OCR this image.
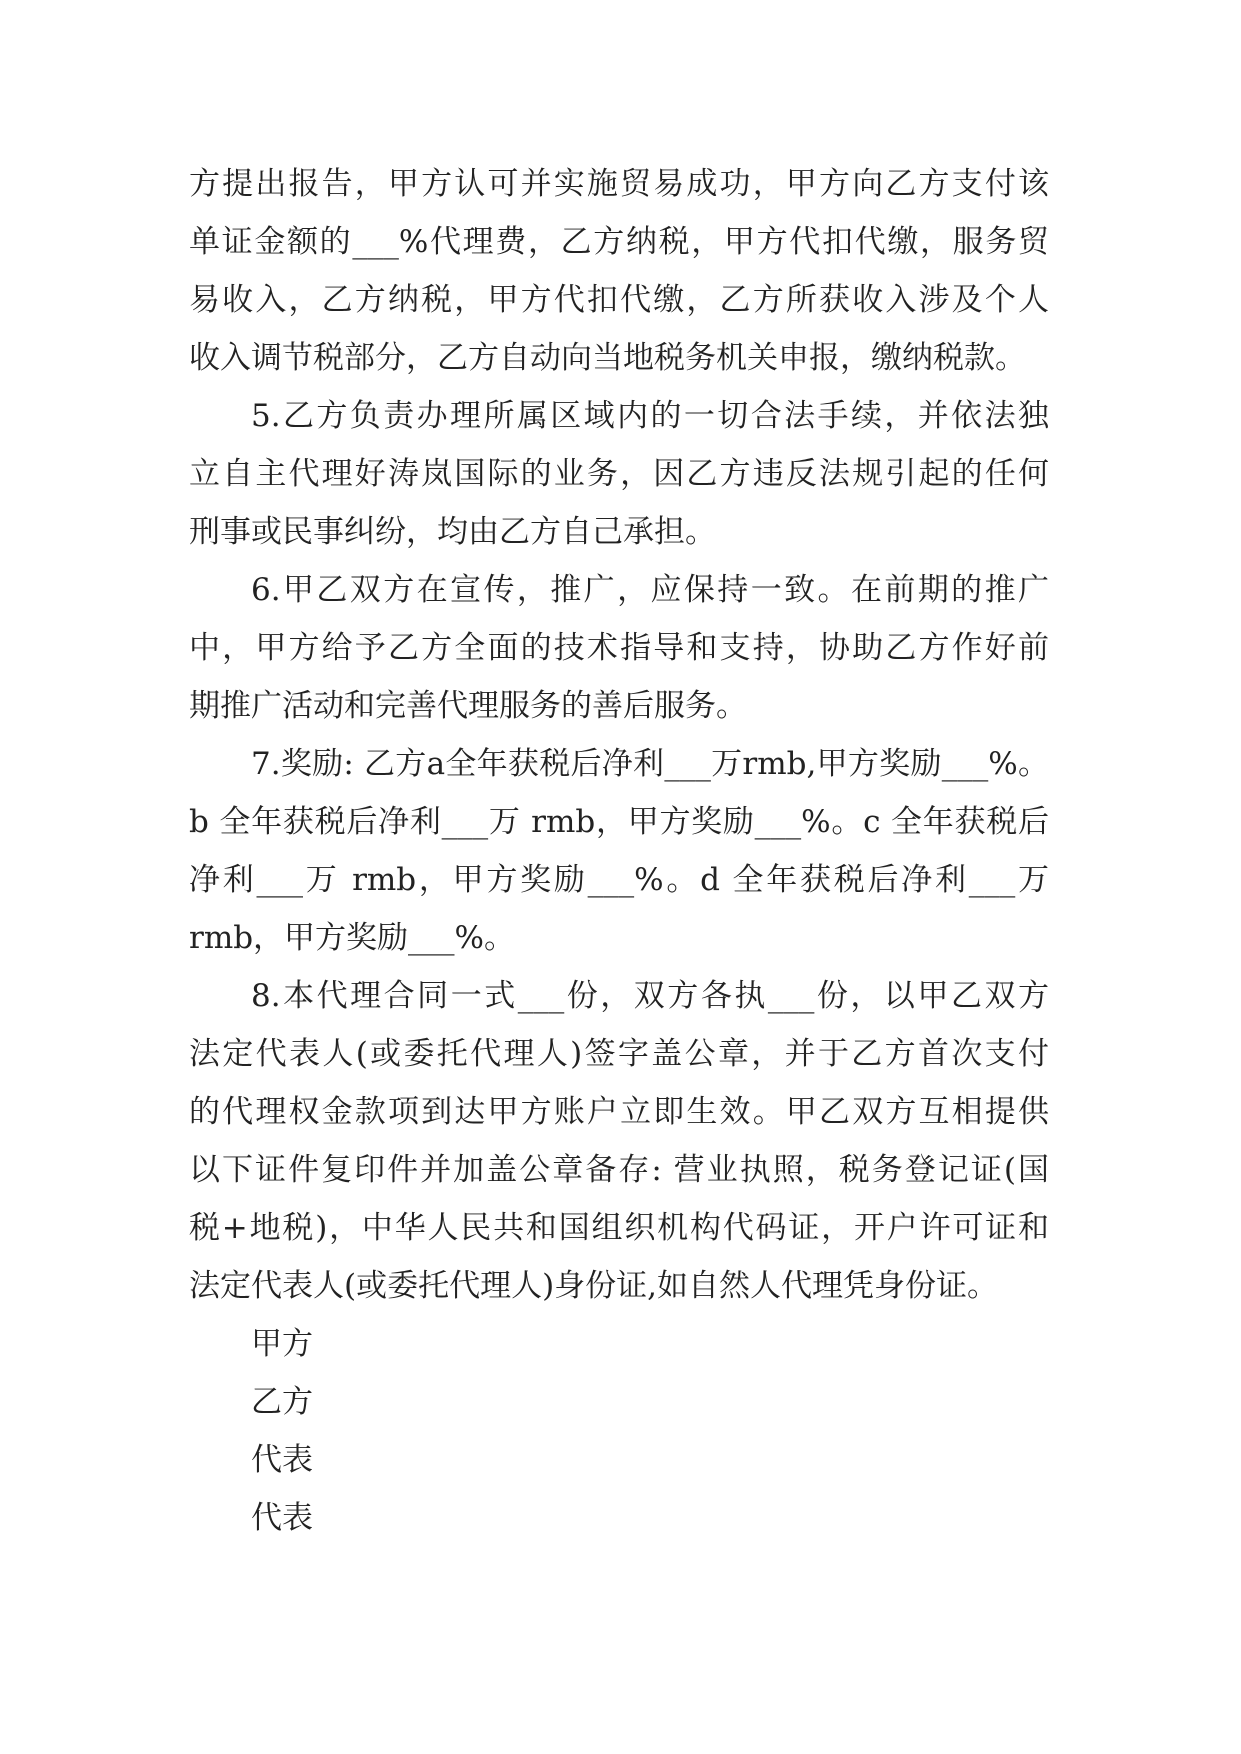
方提出报告，甲方认可并实施贸易成功，甲方向乙方支付该
单证金额的___%代理费，乙方纳税，甲方代扣代缴，服务贸
易收入，乙方纳税，甲方代扣代缴，乙方所获收入涉及个人
收入调节税部分，乙方自动向当地税务机关申报，缴纳税款。
5.乙方负责办理所属区域内的一切合法手续，并依法独
立自主代理好涛岚国际的业务，因乙方违反法规引起的任何
刑事或民事纠纷，均由乙方自己承担。
6.甲乙双方在宣传，推广，应保持一致。在前期的推广
中，甲方给予乙方全面的技术指导和支持，协助乙方作好前
期推广活动和完善代理服务的善后服务。
7.奖励: 乙方a全年获税后净利___万rmb,甲方奖励___%。
b 全年获税后净利___万 rmb，甲方奖励___%。c 全年获税后
净利___万 rmb，甲方奖励___%。d 全年获税后净利___万
rmb，甲方奖励___%。
8.本代理合同一式___份，双方各执___份，以甲乙双方
法定代表人(或委托代理人)签字盖公章，并于乙方首次支付
的代理权金款项到达甲方账户立即生效。甲乙双方互相提供
以下证件复印件并加盖公章备存: 营业执照，税务登记证(国
税+地税)，中华人民共和国组织机构代码证，开户许可证和
法定代表人(或委托代理人)身份证,如自然人代理凭身份证。
甲方
乙方
代表
代表
